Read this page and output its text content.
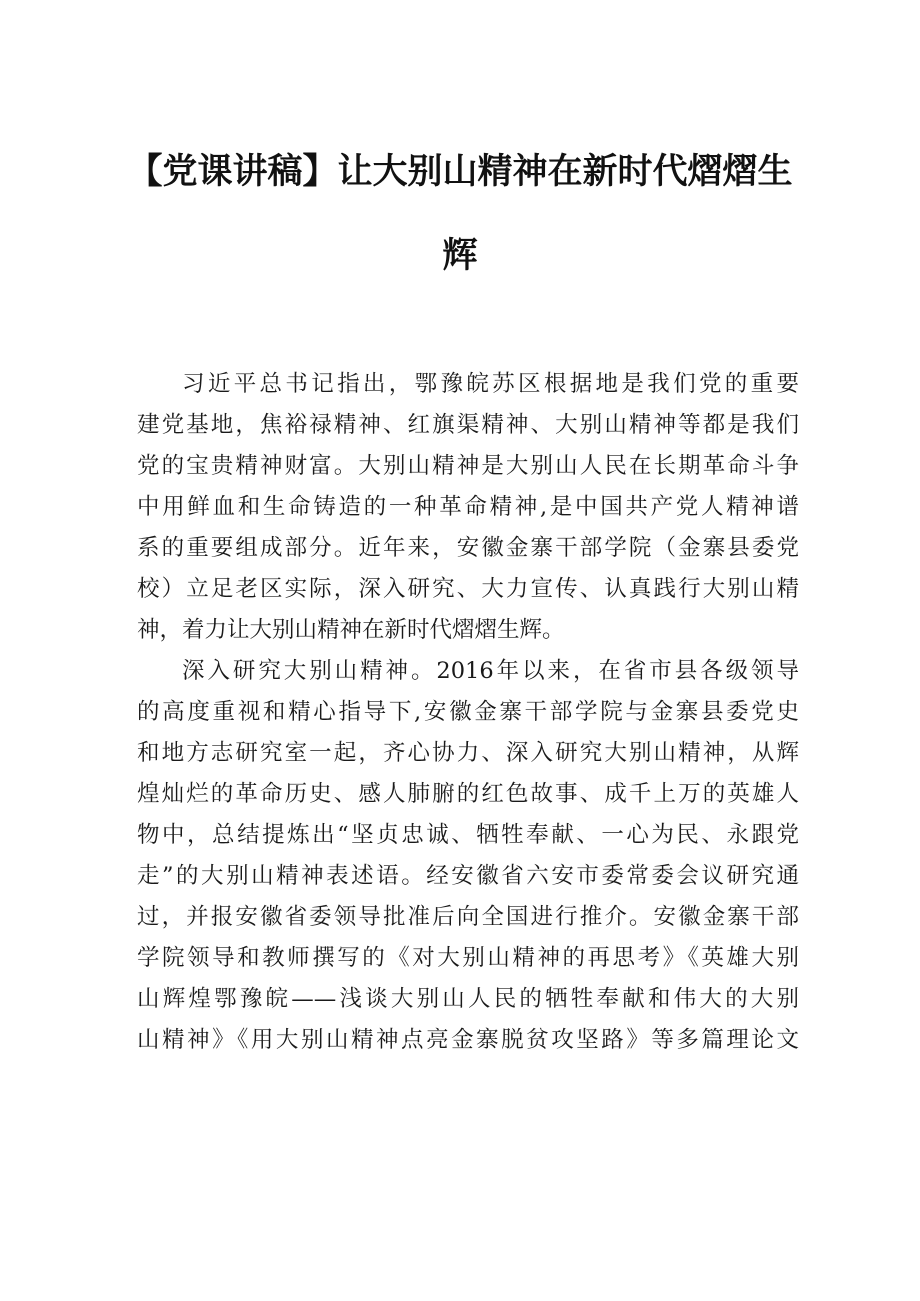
【党课讲稿】让大别山精神在新时代熠熠生
辉
习近平总书记指出，鄂豫皖苏区根据地是我们党的重要
建党基地，焦裕禄精神、红旗渠精神、大别山精神等都是我们
党的宝贵精神财富。大别山精神是大别山人民在长期革命斗争
中用鲜血和生命铸造的一种革命精神,是中国共产党人精神谱
系的重要组成部分。近年来，安徽金寨干部学院（金寨县委党
校）立足老区实际，深入研究、大力宣传、认真践行大别山精
神，着力让大别山精神在新时代熠熠生辉。
深入研究大别山精神。2016年以来，在省市县各级领导
的高度重视和精心指导下,安徽金寨干部学院与金寨县委党史
和地方志研究室一起，齐心协力、深入研究大别山精神，从辉
煌灿烂的革命历史、感人肺腑的红色故事、成千上万的英雄人
物中，总结提炼出“坚贞忠诚、牺牲奉献、一心为民、永跟党
走”的大别山精神表述语。经安徽省六安市委常委会议研究通
过，并报安徽省委领导批准后向全国进行推介。安徽金寨干部
学院领导和教师撰写的《对大别山精神的再思考》《英雄大别
山辉煌鄂豫皖——浅谈大别山人民的牺牲奉献和伟大的大别
山精神》《用大别山精神点亮金寨脱贫攻坚路》等多篇理论文
